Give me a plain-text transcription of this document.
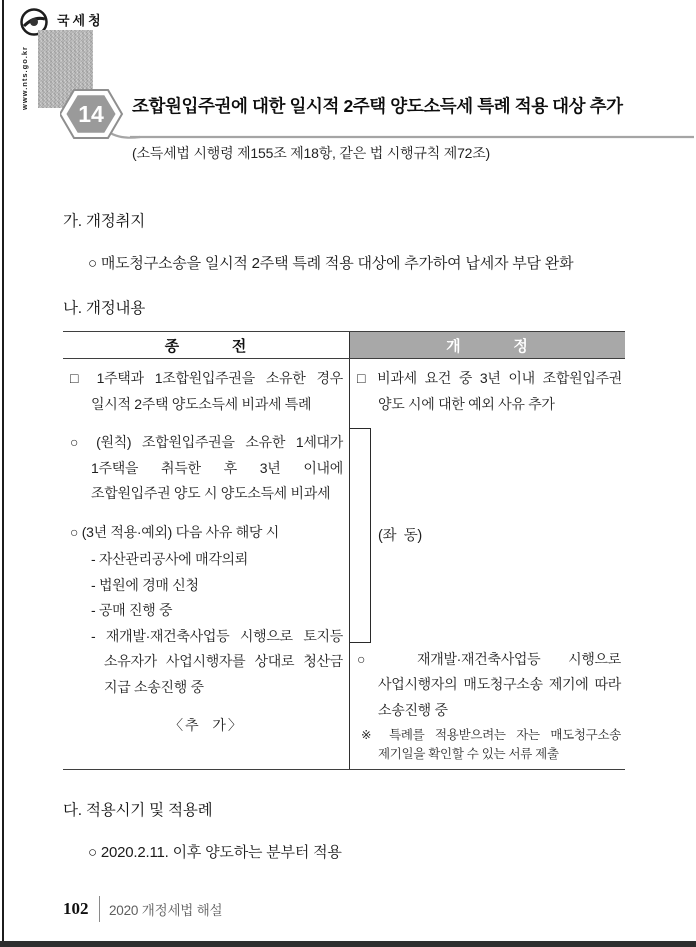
국세청
www.nts.go.kr
14 조합원입주권에 대한 일시적 2주택 양도소득세 특례 적용 대상 추가
(소득세법 시행령 제155조 제18항, 같은 법 시행규칙 제72조)
가. 개정취지
○ 매도청구소송을 일시적 2주택 특례 적용 대상에 추가하여 납세자 부담 완화
나. 개정내용
종          전	개          정
□ 1주택과 1조합원입주권을 소유한 경우 일시적 2주택 양도소득세 비과세 특례
○ (원칙) 조합원입주권을 소유한 1세대가 1주택을 취득한 후 3년 이내에 조합원입주권 양도 시 양도소득세 비과세
○ (3년 적용·예외) 다음 사유 해당 시
- 자산관리공사에 매각의뢰
- 법원에 경매 신청
- 공매 진행 중
- 재개발·재건축사업등 시행으로 토지등 소유자가 사업시행자를 상대로 청산금 지급 소송진행 중
〈추  가〉
□ 비과세 요건 중 3년 이내 조합원입주권 양도 시에 대한 예외 사유 추가
(좌  동)
○ 재개발·재건축사업등 시행으로 사업시행자의 매도청구소송 제기에 따라 소송진행 중
※ 특례를 적용받으려는 자는 매도청구소송 제기일을 확인할 수 있는 서류 제출
다. 적용시기 및 적용례
○ 2020.2.11. 이후 양도하는 분부터 적용
102 2020 개정세법 해설
